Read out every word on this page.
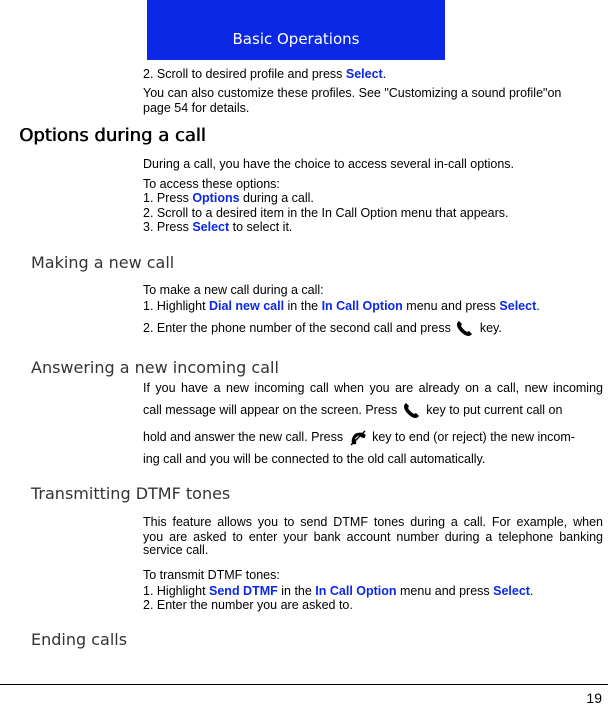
Basic Operations
2. Scroll to desired profile and press Select.
You can also customize these profiles. See "Customizing a sound profile"on
page 54 for details.
Options during a call
During a call, you have the choice to access several in-call options.
To access these options:
1. Press Options during a call.
2. Scroll to a desired item in the In Call Option menu that appears.
3. Press Select to select it.
Making a new call
To make a new call during a call:
1. Highlight Dial new call in the In Call Option menu and press Select.
2. Enter the phone number of the second call and press key.
Answering a new incoming call
If you have a new incoming call when you are already on a call, new incoming
call message will appear on the screen. Press key to put current call on
hold and answer the new call. Press key to end (or reject) the new incom-
ing call and you will be connected to the old call automatically.
Transmitting DTMF tones
This feature allows you to send DTMF tones during a call. For example, when
you are asked to enter your bank account number during a telephone banking
service call.
To transmit DTMF tones:
1. Highlight Send DTMF in the In Call Option menu and press Select.
2. Enter the number you are asked to.
Ending calls
19
